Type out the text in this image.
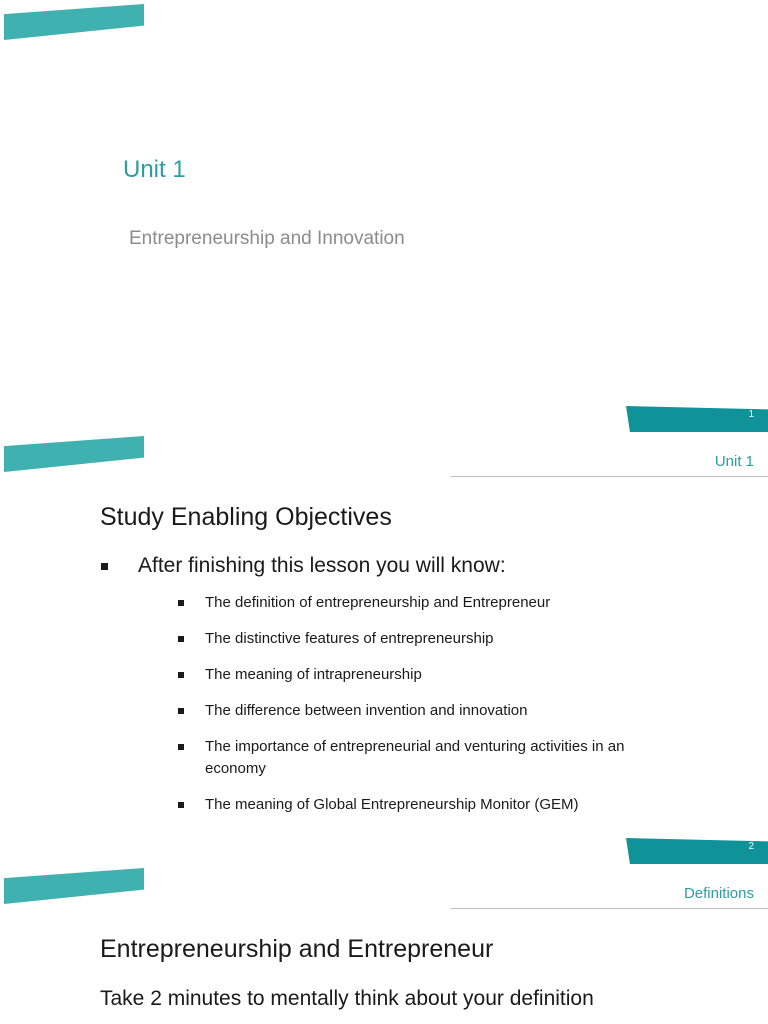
Unit 1
Entrepreneurship and Innovation
1
Unit 1
Study Enabling Objectives
After finishing this lesson you will know:
The definition of entrepreneurship and Entrepreneur
The distinctive features of entrepreneurship
The meaning of intrapreneurship
The difference between invention and innovation
The importance of entrepreneurial and venturing activities in an economy
The meaning of Global Entrepreneurship Monitor (GEM)
2
Definitions
Entrepreneurship and Entrepreneur
Take 2 minutes to mentally think about your definition
